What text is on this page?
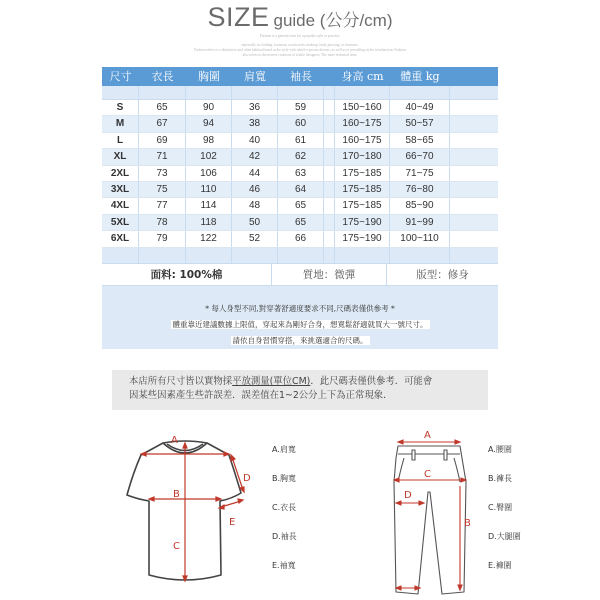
SIZE guide (公分/cm)
Fashion is a general term for a popular style or practice,
especially in clothing, footwear, accessories, makeup, body piercing, or furniture.
Fashion refers to a distinctive and often habitual trend in the style with which a person dresses; as well as to prevailing styles in behaviour. Fashion
also refers to the newest creations of textile designers. The more technical term.
尺寸	衣長	胸圍	肩寬	袖長	身高 cm	體重 kg
S	65	90	36	59	150~160	40~49
M	67	94	38	60	160~175	50~57
L	69	98	40	61	160~175	58~65
XL	71	102	42	62	170~180	66~70
2XL	73	106	44	63	175~185	71~75
3XL	75	110	46	64	175~185	76~80
4XL	77	114	48	65	175~185	85~90
5XL	78	118	50	65	175~190	91~99
6XL	79	122	52	66	175~190	100~110
面料: 100%棉	質地：微彈	版型：修身
* 每人身型不同,對穿著舒適度要求不同,尺碼表僅供參考 *
體重靠近建議數據上限值，穿起來為剛好合身，想寬鬆舒適就買大一號尺寸。
請依自身習慣穿搭，來挑選適合的尺碼。
本店所有尺寸皆以實物採平放測量(單位CM)．此尺碼表僅供參考．可能會
因某些因素產生些許誤差．誤差值在1~2公分上下為正常現象．
A
B
C
D
E
A.肩寬
B.胸寬
C.衣長
D.袖長
E.袖寬
A
B
C
D
A.腰圍
B.褲長
C.臀圍
D.大腿圍
E.褲圍
